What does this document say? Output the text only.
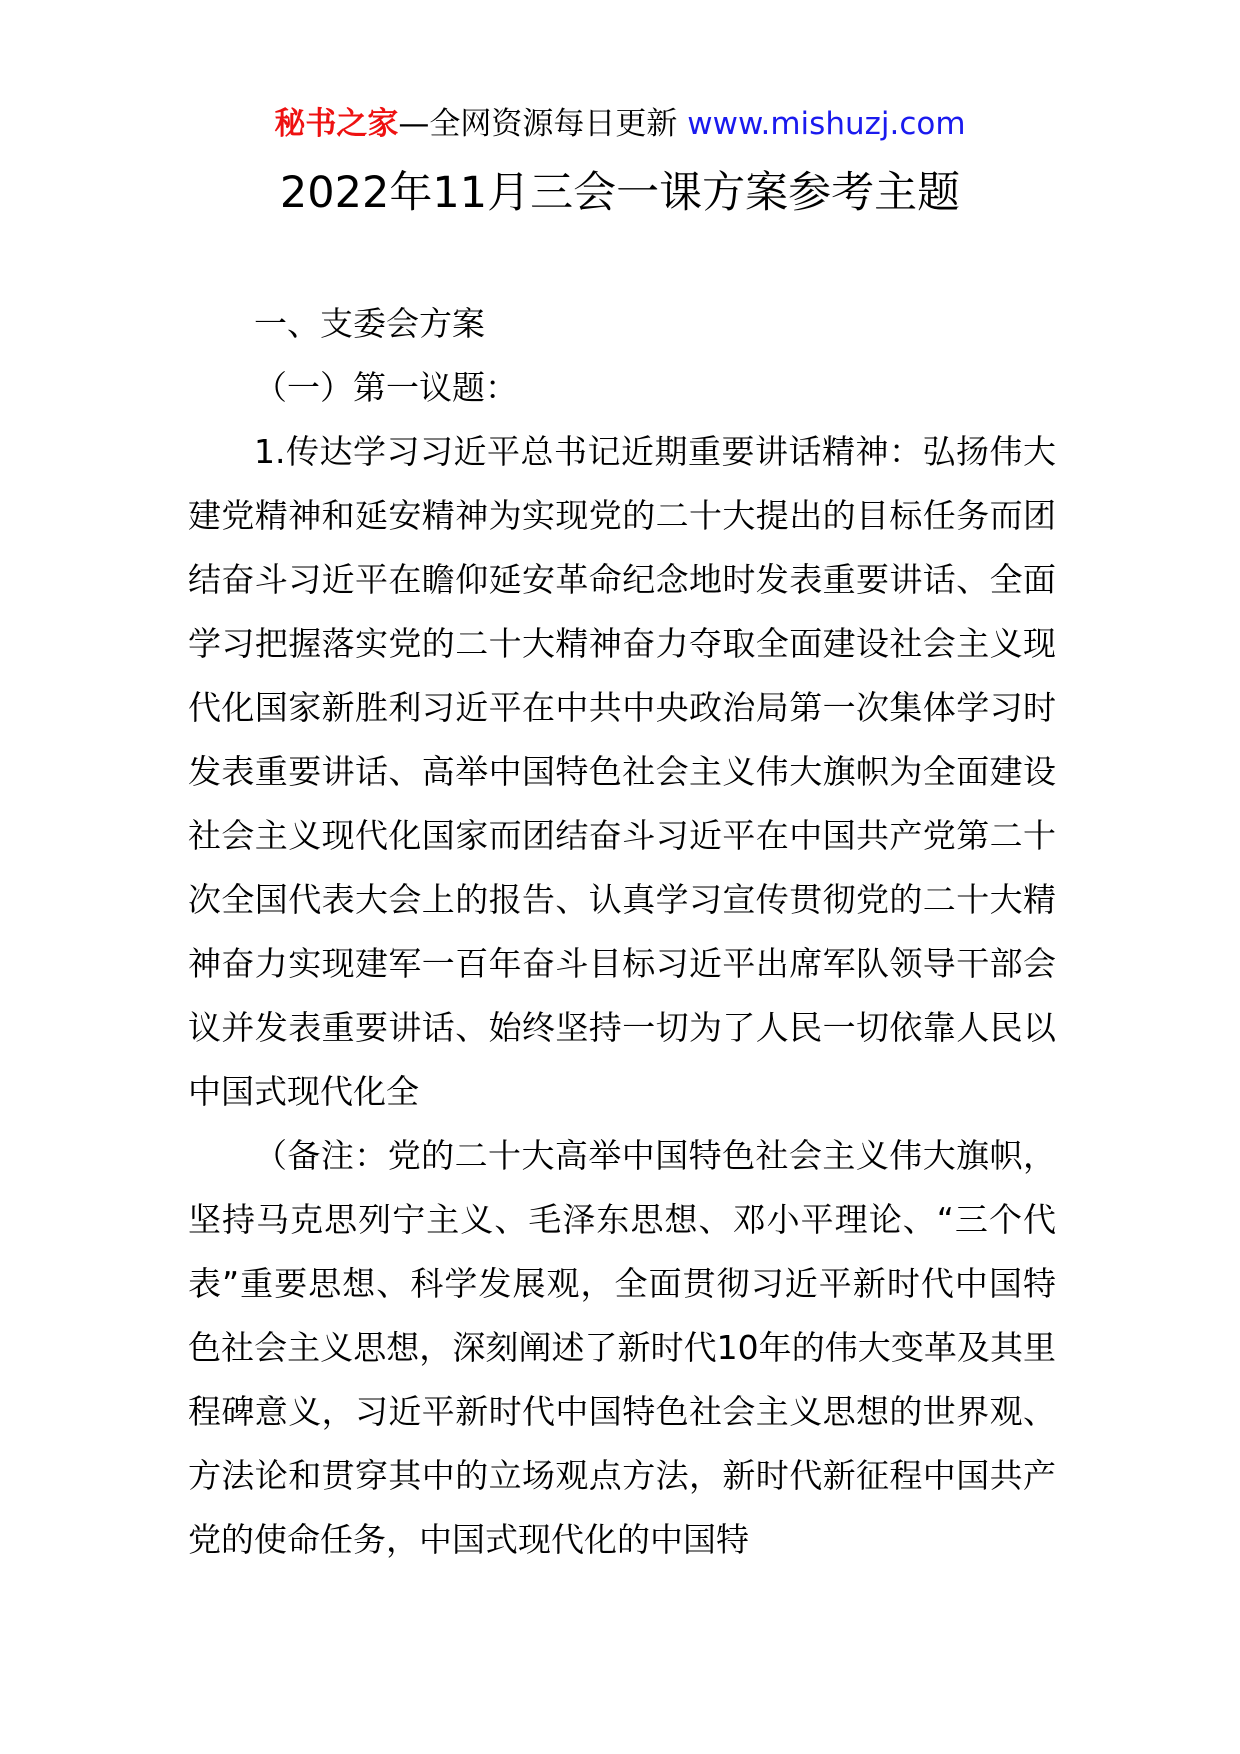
秘书之家—全网资源每日更新 www.mishuzj.com
2022年11月三会一课方案参考主题

一、支委会方案

（一）第一议题：

1.传达学习习近平总书记近期重要讲话精神：弘扬伟大建党精神和延安精神为实现党的二十大提出的目标任务而团结奋斗习近平在瞻仰延安革命纪念地时发表重要讲话、全面学习把握落实党的二十大精神奋力夺取全面建设社会主义现代化国家新胜利习近平在中共中央政治局第一次集体学习时发表重要讲话、高举中国特色社会主义伟大旗帜为全面建设社会主义现代化国家而团结奋斗习近平在中国共产党第二十次全国代表大会上的报告、认真学习宣传贯彻党的二十大精神奋力实现建军一百年奋斗目标习近平出席军队领导干部会议并发表重要讲话、始终坚持一切为了人民一切依靠人民以中国式现代化全

（备注：党的二十大高举中国特色社会主义伟大旗帜，坚持马克思列宁主义、毛泽东思想、邓小平理论、“三个代表”重要思想、科学发展观，全面贯彻习近平新时代中国特色社会主义思想，深刻阐述了新时代10年的伟大变革及其里程碑意义，习近平新时代中国特色社会主义思想的世界观、方法论和贯穿其中的立场观点方法，新时代新征程中国共产党的使命任务，中国式现代化的中国特
